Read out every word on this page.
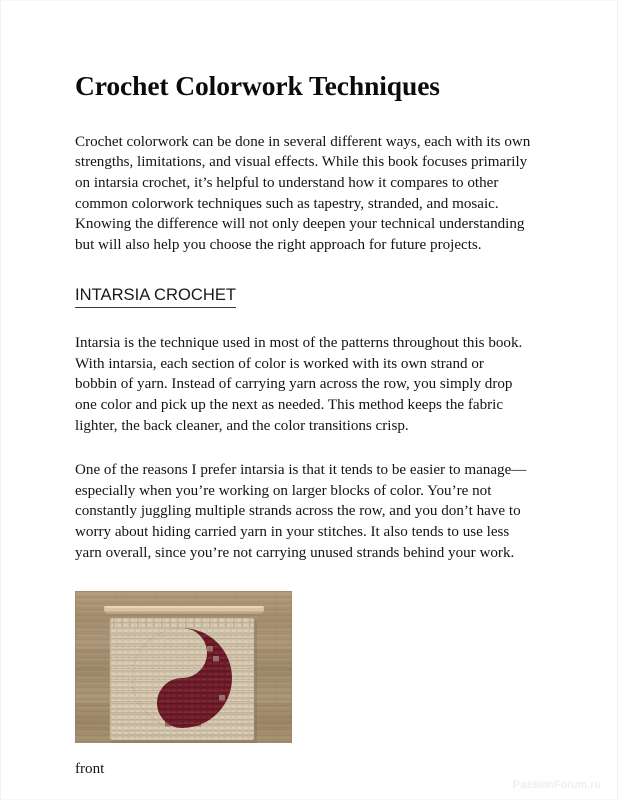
Crochet Colorwork Techniques

Crochet colorwork can be done in several different ways, each with its own strengths, limitations, and visual effects. While this book focuses primarily on intarsia crochet, it’s helpful to understand how it compares to other common colorwork techniques such as tapestry, stranded, and mosaic. Knowing the difference will not only deepen your technical understanding but will also help you choose the right approach for future projects.

INTARSIA CROCHET

Intarsia is the technique used in most of the patterns throughout this book. With intarsia, each section of color is worked with its own strand or bobbin of yarn. Instead of carrying yarn across the row, you simply drop one color and pick up the next as needed. This method keeps the fabric lighter, the back cleaner, and the color transitions crisp.

One of the reasons I prefer intarsia is that it tends to be easier to manage—especially when you’re working on larger blocks of color. You’re not constantly juggling multiple strands across the row, and you don’t have to worry about hiding carried yarn in your stitches. It also tends to use less yarn overall, since you’re not carrying unused strands behind your work.

front
PassionForum.ru
